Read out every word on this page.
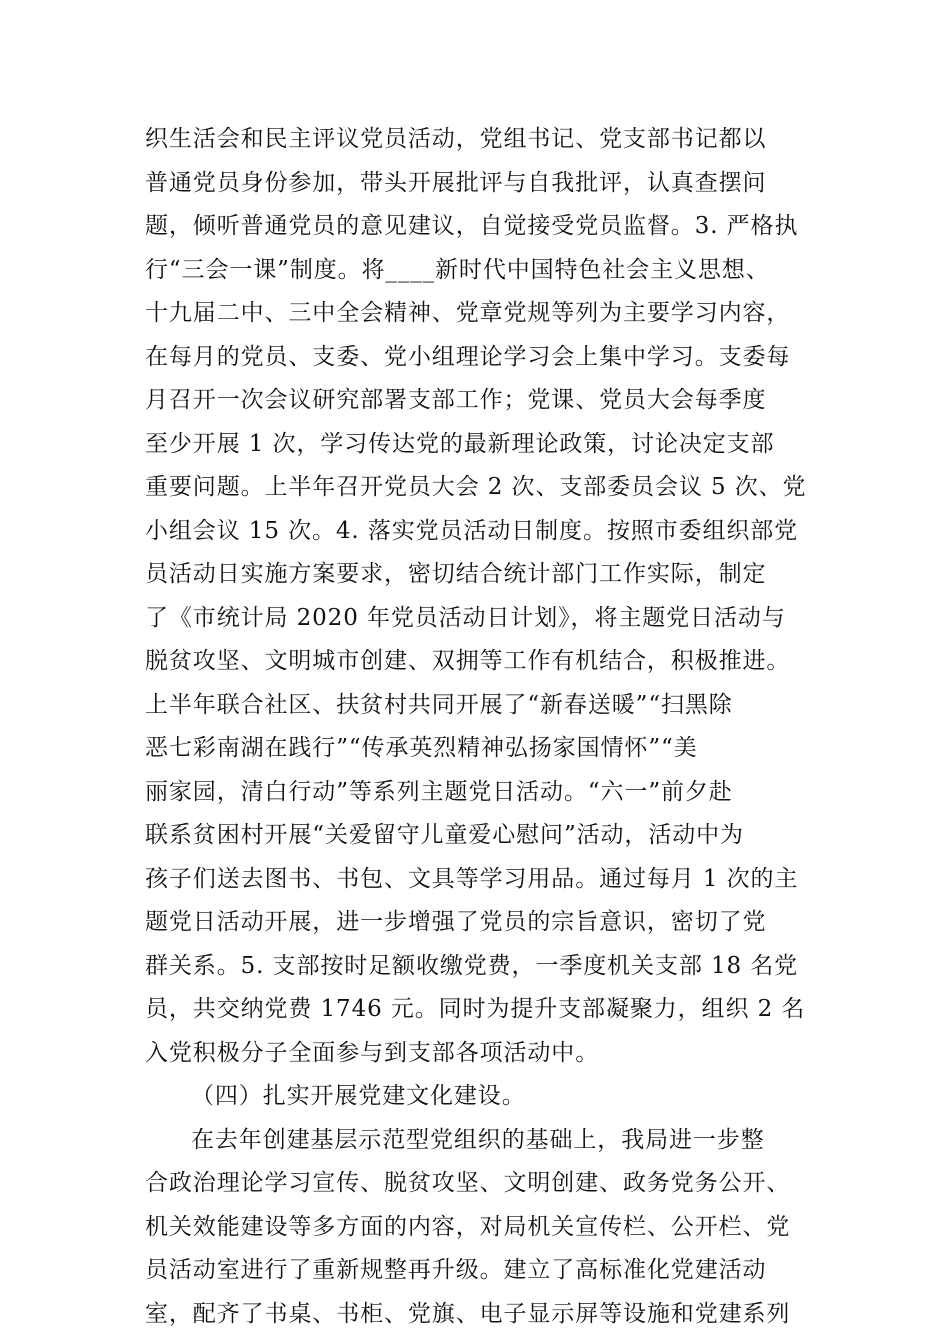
织生活会和民主评议党员活动，党组书记、党支部书记都以
普通党员身份参加，带头开展批评与自我批评，认真查摆问
题，倾听普通党员的意见建议，自觉接受党员监督。3. 严格执
行“三会一课”制度。将____新时代中国特色社会主义思想、
十九届二中、三中全会精神、党章党规等列为主要学习内容，
在每月的党员、支委、党小组理论学习会上集中学习。支委每
月召开一次会议研究部署支部工作；党课、党员大会每季度
至少开展 1 次，学习传达党的最新理论政策，讨论决定支部
重要问题。上半年召开党员大会 2 次、支部委员会议 5 次、党
小组会议 15 次。4. 落实党员活动日制度。按照市委组织部党
员活动日实施方案要求，密切结合统计部门工作实际，制定
了《市统计局 2020 年党员活动日计划》，将主题党日活动与
脱贫攻坚、文明城市创建、双拥等工作有机结合，积极推进。
上半年联合社区、扶贫村共同开展了“新春送暖”“扫黑除
恶七彩南湖在践行”“传承英烈精神弘扬家国情怀”“美
丽家园，清白行动”等系列主题党日活动。“六一”前夕赴
联系贫困村开展“关爱留守儿童爱心慰问”活动，活动中为
孩子们送去图书、书包、文具等学习用品。通过每月 1 次的主
题党日活动开展，进一步增强了党员的宗旨意识，密切了党
群关系。5. 支部按时足额收缴党费，一季度机关支部 18 名党
员，共交纳党费 1746 元。同时为提升支部凝聚力，组织 2 名
入党积极分子全面参与到支部各项活动中。
（四）扎实开展党建文化建设。
在去年创建基层示范型党组织的基础上，我局进一步整
合政治理论学习宣传、脱贫攻坚、文明创建、政务党务公开、
机关效能建设等多方面的内容，对局机关宣传栏、公开栏、党
员活动室进行了重新规整再升级。建立了高标准化党建活动
室，配齐了书桌、书柜、党旗、电子显示屏等设施和党建系列
